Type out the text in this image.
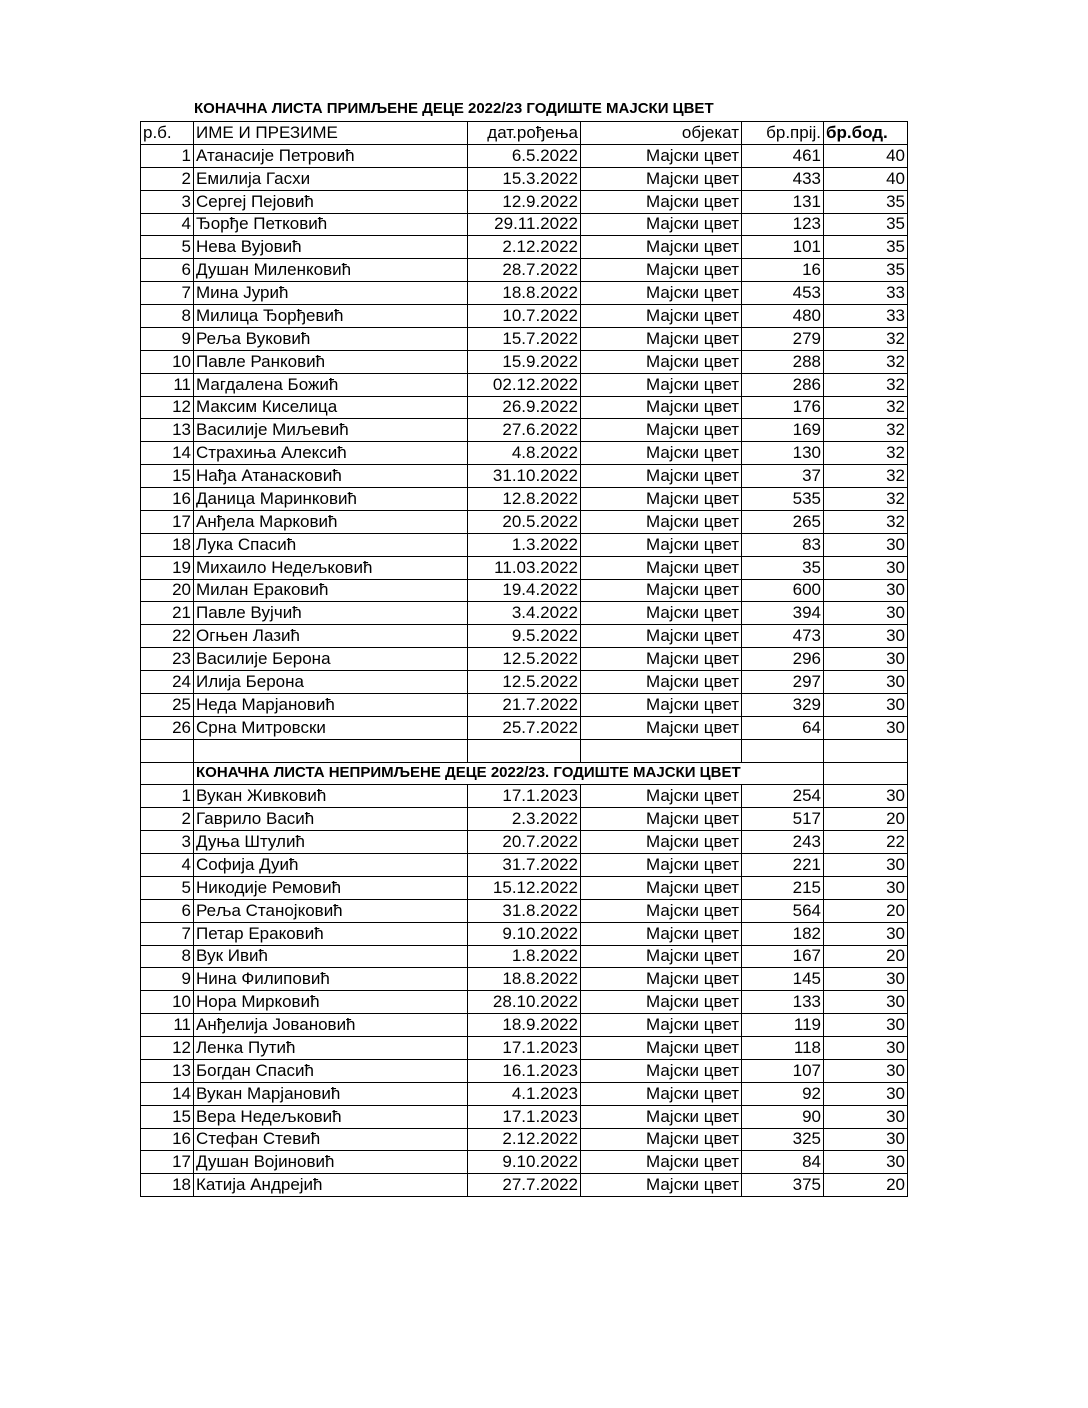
КОНАЧНА ЛИСТА ПРИМЉЕНЕ ДЕЦЕ 2022/23 ГОДИШТЕ МАЈСКИ ЦВЕТ
р.б.	ИМЕ И ПРЕЗИМЕ	дат.рођења	објекат	бр.прij.	бр.бод.
1	Атанасије Петровић	6.5.2022	Мајски цвет	461	40
2	Емилија Гасхи	15.3.2022	Мајски цвет	433	40
3	Сергеј Пејовић	12.9.2022	Мајски цвет	131	35
4	Ђорђе Петковић	29.11.2022	Мајски цвет	123	35
5	Нева Вујовић	2.12.2022	Мајски цвет	101	35
6	Душан Миленковић	28.7.2022	Мајски цвет	16	35
7	Мина Јурић	18.8.2022	Мајски цвет	453	33
8	Милица Ђорђевић	10.7.2022	Мајски цвет	480	33
9	Реља Вуковић	15.7.2022	Мајски цвет	279	32
10	Павле Ранковић	15.9.2022	Мајски цвет	288	32
11	Магдалена Божић	02.12.2022	Мајски цвет	286	32
12	Максим Киселица	26.9.2022	Мајски цвет	176	32
13	Василије Миљевић	27.6.2022	Мајски цвет	169	32
14	Страхиња Алексић	4.8.2022	Мајски цвет	130	32
15	Нађа Атанасковић	31.10.2022	Мајски цвет	37	32
16	Даница Маринковић	12.8.2022	Мајски цвет	535	32
17	Анђела Марковић	20.5.2022	Мајски цвет	265	32
18	Лука Спасић	1.3.2022	Мајски цвет	83	30
19	Михаило Недељковић	11.03.2022	Мајски цвет	35	30
20	Милан Ераковић	19.4.2022	Мајски цвет	600	30
21	Павле Вујчић	3.4.2022	Мајски цвет	394	30
22	Огњен Лазић	9.5.2022	Мајски цвет	473	30
23	Василије Берона	12.5.2022	Мајски цвет	296	30
24	Илија Берона	12.5.2022	Мајски цвет	297	30
25	Неда Марјановић	21.7.2022	Мајски цвет	329	30
26	Срна Митровски	25.7.2022	Мајски цвет	64	30

	КОНАЧНА ЛИСТА НЕПРИМЉЕНЕ ДЕЦЕ 2022/23. ГОДИШТЕ МАЈСКИ ЦВЕТ				
1	Вукан Живковић	17.1.2023	Мајски цвет	254	30
2	Гаврило Васић	2.3.2022	Мајски цвет	517	20
3	Дуња Штулић	20.7.2022	Мајски цвет	243	22
4	Софија Дуић	31.7.2022	Мајски цвет	221	30
5	Никодије Ремовић	15.12.2022	Мајски цвет	215	30
6	Реља Станојковић	31.8.2022	Мајски цвет	564	20
7	Петар Ераковић	9.10.2022	Мајски цвет	182	30
8	Вук Ивић	1.8.2022	Мајски цвет	167	20
9	Нина Филиповић	18.8.2022	Мајски цвет	145	30
10	Нора Мирковић	28.10.2022	Мајски цвет	133	30
11	Анђелија Јовановић	18.9.2022	Мајски цвет	119	30
12	Ленка Путић	17.1.2023	Мајски цвет	118	30
13	Богдан Спасић	16.1.2023	Мајски цвет	107	30
14	Вукан Марјановић	4.1.2023	Мајски цвет	92	30
15	Вера Недељковић	17.1.2023	Мајски цвет	90	30
16	Стефан Стевић	2.12.2022	Мајски цвет	325	30
17	Душан Војиновић	9.10.2022	Мајски цвет	84	30
18	Катија Андрејић	27.7.2022	Мајски цвет	375	20
